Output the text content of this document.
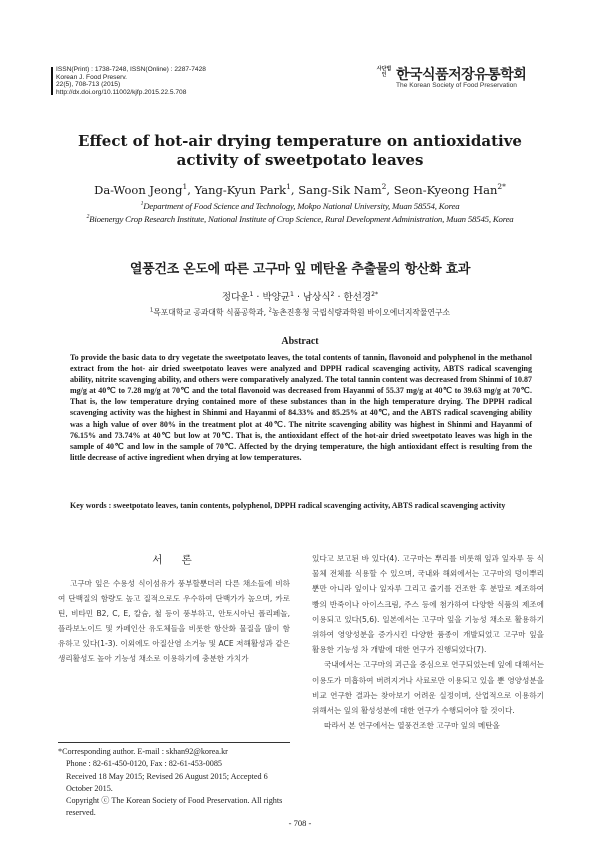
ISSN(Print) : 1738-7248, ISSN(Online) : 2287-7428
Korean J. Food Preserv.
22(5), 708-713 (2015)
http://dx.doi.org/10.11002/kjfp.2015.22.5.708
사단법인 한국식품저장유통학회
The Korean Society of Food Preservation
Effect of hot-air drying temperature on antioxidative activity of sweetpotato leaves
Da-Woon Jeong$^1$, Yang-Kyun Park$^1$, Sang-Sik Nam$^2$, Seon-Kyeong Han$^{2*}$
$^1$Department of Food Science and Technology, Mokpo National University, Muan 58554, Korea
$^2$Bioenergy Crop Research Institute, National Institute of Crop Science, Rural Development Administration, Muan 58545, Korea
열풍건조 온도에 따른 고구마 잎 메탄올 추출물의 항산화 효과
정다운$^1$ · 박양균$^1$ · 남상식$^2$ · 한선경$^{2*}$
$^1$목포대학교 공과대학 식품공학과, $^2$농촌진흥청 국립식량과학원 바이오에너지작물연구소
Abstract
To provide the basic data to dry vegetate the sweetpotato leaves, the total contents of tannin, flavonoid and polyphenol in the methanol extract from the hot- air dried sweetpotato leaves were analyzed and DPPH radical scavenging activity, ABTS radical scavenging ability, nitrite scavenging ability, and others were comparatively analyzed. The total tannin content was decreased from Shinmi of 10.87 mg/g at 40℃ to 7.28 mg/g at 70℃ and the total flavonoid was decreased from Hayanmi of 55.37 mg/g at 40℃ to 39.63 mg/g at 70℃. That is, the low temperature drying contained more of these substances than in the high temperature drying. The DPPH radical scavenging activity was the highest in Shinmi and Hayanmi of 84.33% and 85.25% at 40℃, and the ABTS radical scavenging ability was a high value of over 80% in the treatment plot at 40℃. The nitrite scavenging ability was highest in Shinmi and Hayanmi of 76.15% and 73.74% at 40℃ but low at 70℃. That is, the antioxidant effect of the hot-air dried sweetpotato leaves was high in the sample of 40℃ and low in the sample of 70℃. Affected by the drying temperature, the high antioxidant effect is resulting from the little decrease of active ingredient when drying at low temperatures.
Key words : sweetpotato leaves, tanin contents, polyphenol, DPPH radical scavenging activity, ABTS radical scavenging activity
서 론

고구마 잎은 수용성 식이섬유가 풍부할뿐더러 다른 채소들에 비하여 단백질의 함량도 높고 질적으로도 우수하여 단백가가 높으며, 카로틴, 비타민 B2, C, E, 칼슘, 철 등이 풍부하고, 안토시아닌 폴리페놀, 플라보노이드 및 카페인산 유도체들을 비롯한 항산화 물질을 많이 함유하고 있다(1-3). 이외에도 아질산염 소거능 및 ACE 저해활성과 같은 생리활성도 높아 기능성 채소로 이용하기에 충분한 가치가

있다고 보고된 바 있다(4). 고구마는 뿌리를 비롯해 잎과 잎자루 등 식물체 전체를 식용할 수 있으며, 국내와 해외에서는 고구마의 덩이뿌리뿐만 아니라 잎이나 잎자루 그리고 줄기를 건조한 후 분말로 제조하여 빵의 반죽이나 아이스크림, 주스 등에 첨가하여 다양한 식품의 제조에 이용되고 있다(5,6). 일본에서는 고구마 잎을 기능성 채소로 활용하기 위하여 영양성분을 증가시킨 다양한 품종이 개발되었고 고구마 잎을 활용한 기능성 차 개발에 대한 연구가 진행되었다(7).

국내에서는 고구마의 괴근을 중심으로 연구되었는데 잎에 대해서는 이용도가 미흡하여 버려지거나 사료로만 이용되고 있을 뿐 영양성분을 비교 연구한 결과는 찾아보기 어려운 실정이며, 산업적으로 이용하기 위해서는 잎의 활성성분에 대한 연구가 수행되어야 할 것이다.

따라서 본 연구에서는 열풍건조한 고구마 잎의 메탄올

*Corresponding author. E-mail : skhan92@korea.kr
Phone : 82-61-450-0120, Fax : 82-61-453-0085
Received 18 May 2015; Revised 26 August 2015; Accepted 6 October 2015.
Copyright ⓒ The Korean Society of Food Preservation. All rights reserved.
- 708 -
